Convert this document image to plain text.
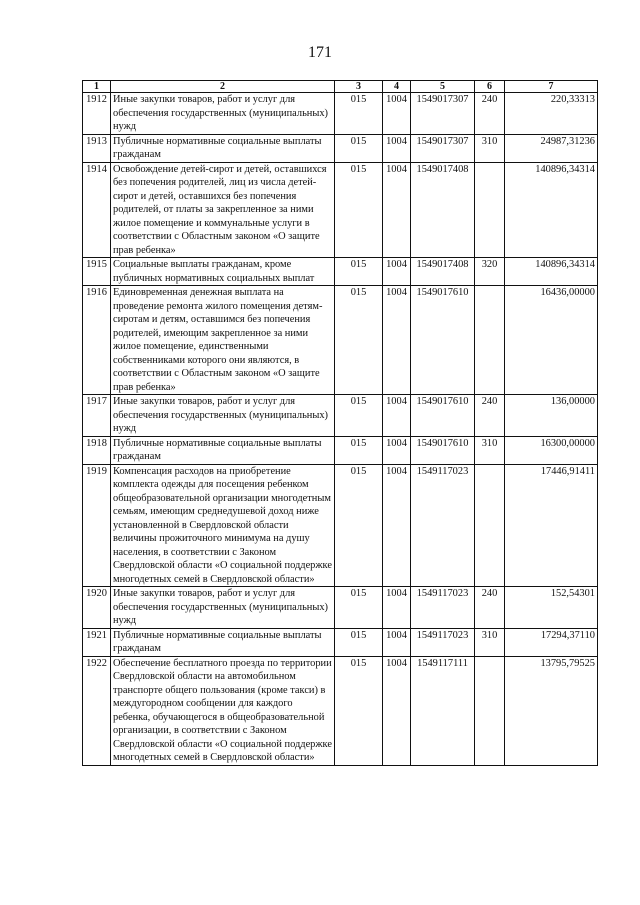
171
1	2	3	4	5	6	7
1912	Иные закупки товаров, работ и услуг для обеспечения государственных (муниципальных) нужд	015	1004	1549017307	240	220,33313
1913	Публичные нормативные социальные выплаты гражданам	015	1004	1549017307	310	24987,31236
1914	Освобождение детей-сирот и детей, оставшихся без попечения родителей, лиц из числа детей-сирот и детей, оставшихся без попечения родителей, от платы за закрепленное за ними жилое помещение и коммунальные услуги в соответствии с Областным законом «О защите прав ребенка»	015	1004	1549017408		140896,34314
1915	Социальные выплаты гражданам, кроме публичных нормативных социальных выплат	015	1004	1549017408	320	140896,34314
1916	Единовременная денежная выплата на проведение ремонта жилого помещения детям-сиротам и детям, оставшимся без попечения родителей, имеющим закрепленное за ними жилое помещение, единственными собственниками которого они являются, в соответствии с Областным законом «О защите прав ребенка»	015	1004	1549017610		16436,00000
1917	Иные закупки товаров, работ и услуг для обеспечения государственных (муниципальных) нужд	015	1004	1549017610	240	136,00000
1918	Публичные нормативные социальные выплаты гражданам	015	1004	1549017610	310	16300,00000
1919	Компенсация расходов на приобретение комплекта одежды для посещения ребенком общеобразовательной организации многодетным семьям, имеющим среднедушевой доход ниже установленной в Свердловской области величины прожиточного минимума на душу населения, в соответствии с Законом Свердловской области «О социальной поддержке многодетных семей в Свердловской области»	015	1004	1549117023		17446,91411
1920	Иные закупки товаров, работ и услуг для обеспечения государственных (муниципальных) нужд	015	1004	1549117023	240	152,54301
1921	Публичные нормативные социальные выплаты гражданам	015	1004	1549117023	310	17294,37110
1922	Обеспечение бесплатного проезда по территории Свердловской области на автомобильном транспорте общего пользования (кроме такси) в междугородном сообщении для каждого ребенка, обучающегося в общеобразовательной организации, в соответствии с Законом Свердловской области «О социальной поддержке многодетных семей в Свердловской области»	015	1004	1549117111		13795,79525
